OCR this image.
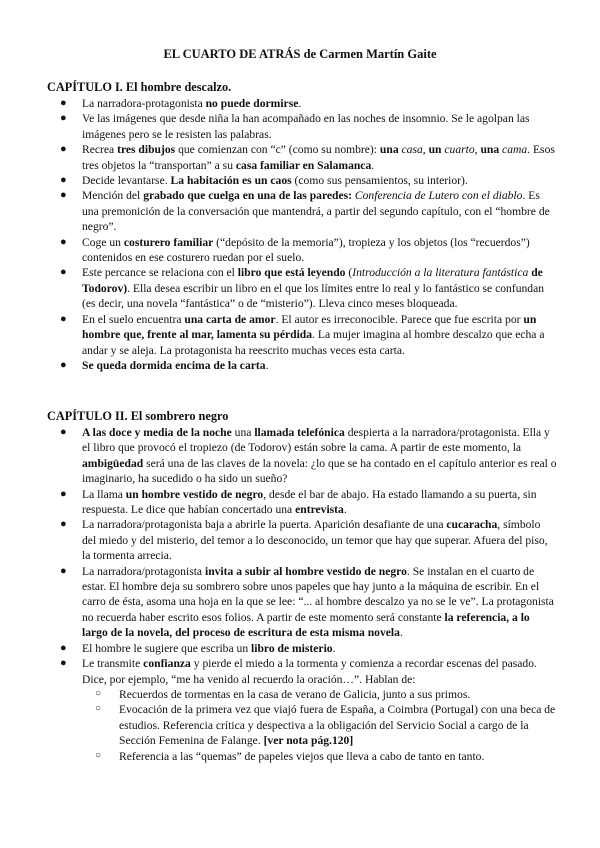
EL CUARTO DE ATRÁS de Carmen Martín Gaite
CAPÍTULO I. El hombre descalzo.
● La narradora-protagonista no puede dormirse.
● Ve las imágenes que desde niña la han acompañado en las noches de insomnio. Se le agolpan las imágenes pero se le resisten las palabras.
● Recrea tres dibujos que comienzan con “c” (como su nombre): una casa, un cuarto, una cama. Esos tres objetos la “transportan” a su casa familiar en Salamanca.
● Decide levantarse. La habitación es un caos (como sus pensamientos, su interior).
● Mención del grabado que cuelga en una de las paredes: Conferencia de Lutero con el diablo. Es una premonición de la conversación que mantendrá, a partir del segundo capítulo, con el “hombre de negro”.
● Coge un costurero familiar (“depósito de la memoria”), tropieza y los objetos (los “recuerdos”) contenidos en ese costurero ruedan por el suelo.
● Este percance se relaciona con el libro que está leyendo (Introducción a la literatura fantástica de Todorov). Ella desea escribir un libro en el que los límites entre lo real y lo fantástico se confundan (es decir, una novela “fantástica” o de “misterio”). Lleva cinco meses bloqueada.
● En el suelo encuentra una carta de amor. El autor es irreconocible. Parece que fue escrita por un hombre que, frente al mar, lamenta su pérdida. La mujer imagina al hombre descalzo que echa a andar y se aleja. La protagonista ha reescrito muchas veces esta carta.
● Se queda dormida encima de la carta.
CAPÍTULO II. El sombrero negro
● A las doce y media de la noche una llamada telefónica despierta a la narradora/protagonista. Ella y el libro que provocó el tropiezo (de Todorov) están sobre la cama. A partir de este momento, la ambigüedad será una de las claves de la novela: ¿lo que se ha contado en el capítulo anterior es real o imaginario, ha sucedido o ha sido un sueño?
● La llama un hombre vestido de negro, desde el bar de abajo. Ha estado llamando a su puerta, sin respuesta. Le dice que habían concertado una entrevista.
● La narradora/protagonista baja a abrirle la puerta. Aparición desafiante de una cucaracha, símbolo del miedo y del misterio, del temor a lo desconocido, un temor que hay que superar. Afuera del piso, la tormenta arrecia.
● La narradora/protagonista invita a subir al hombre vestido de negro. Se instalan en el cuarto de estar. El hombre deja su sombrero sobre unos papeles que hay junto a la máquina de escribir. En el carro de ésta, asoma una hoja en la que se lee: “... al hombre descalzo ya no se le ve”. La protagonista no recuerda haber escrito esos folios. A partir de este momento será constante la referencia, a lo largo de la novela, del proceso de escritura de esta misma novela.
● El hombre le sugiere que escriba un libro de misterio.
● Le transmite confianza y pierde el miedo a la tormenta y comienza a recordar escenas del pasado. Dice, por ejemplo, “me ha venido al recuerdo la oración…”. Hablan de:
○ Recuerdos de tormentas en la casa de verano de Galicia, junto a sus primos.
○ Evocación de la primera vez que viajó fuera de España, a Coimbra (Portugal) con una beca de estudios. Referencia crítica y despectiva a la obligación del Servicio Social a cargo de la Sección Femenina de Falange. [ver nota pág.120]
○ Referencia a las “quemas” de papeles viejos que lleva a cabo de tanto en tanto.
